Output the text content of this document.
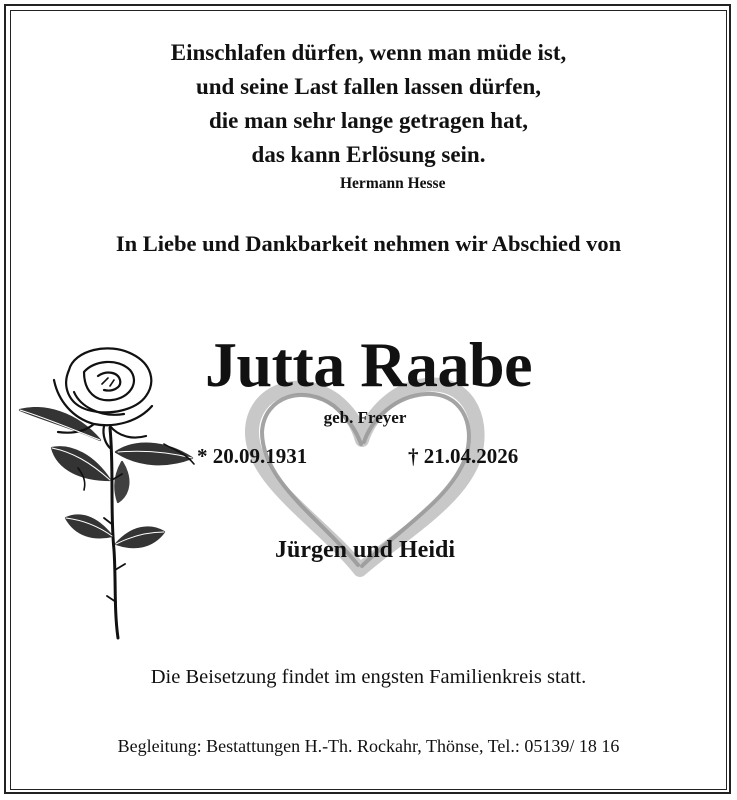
Einschlafen dürfen, wenn man müde ist,
und seine Last fallen lassen dürfen,
die man sehr lange getragen hat,
das kann Erlösung sein.
Hermann Hesse
In Liebe und Dankbarkeit nehmen wir Abschied von
Jutta Raabe
geb. Freyer
* 20.09.1931	† 21.04.2026
Jürgen und Heidi
Die Beisetzung findet im engsten Familienkreis statt.
Begleitung: Bestattungen H.-Th. Rockahr, Thönse, Tel.: 05139/ 18 16
